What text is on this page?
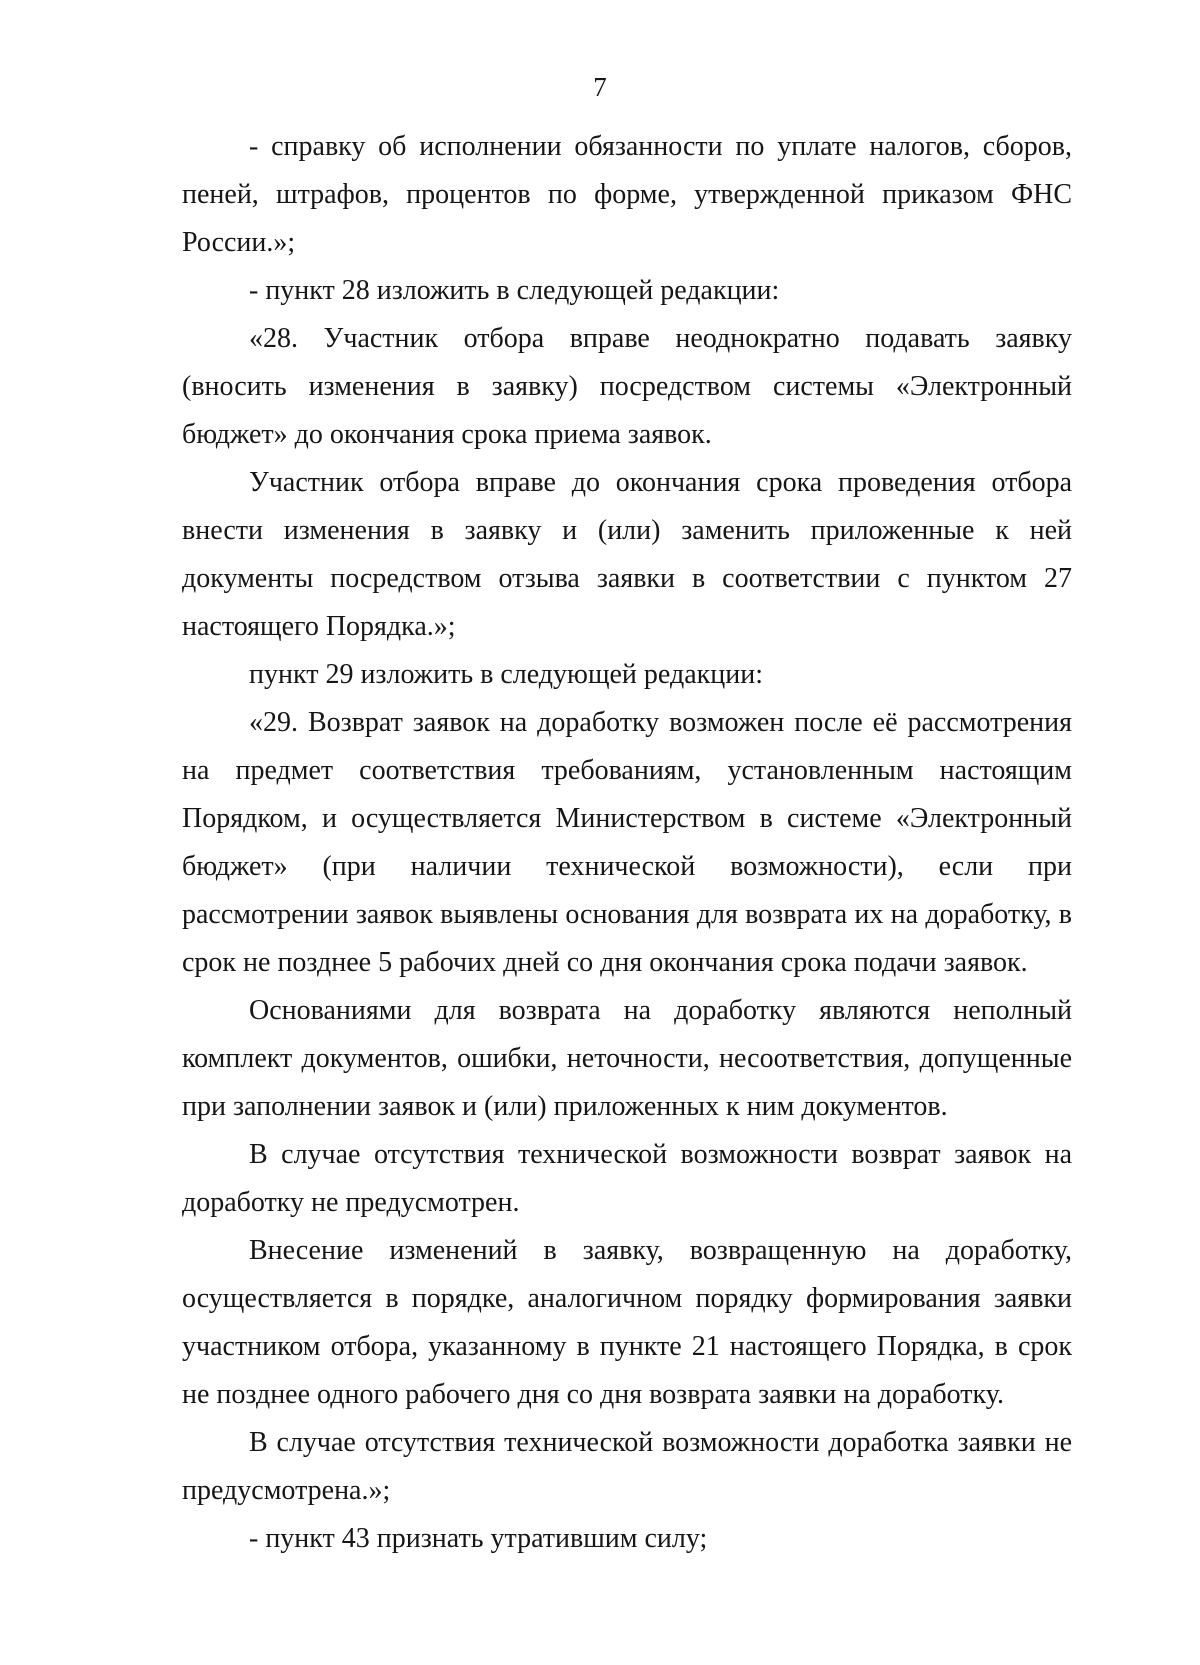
7

- справку об исполнении обязанности по уплате налогов, сборов, пеней, штрафов, процентов по форме, утвержденной приказом ФНС России.»;

- пункт 28 изложить в следующей редакции:

«28. Участник отбора вправе неоднократно подавать заявку (вносить изменения в заявку) посредством системы «Электронный бюджет» до окончания срока приема заявок.

Участник отбора вправе до окончания срока проведения отбора внести изменения в заявку и (или) заменить приложенные к ней документы посредством отзыва заявки в соответствии с пунктом 27 настоящего Порядка.»;

пункт 29 изложить в следующей редакции:

«29. Возврат заявок на доработку возможен после её рассмотрения на предмет соответствия требованиям, установленным настоящим Порядком, и осуществляется Министерством в системе «Электронный бюджет» (при наличии технической возможности), если при рассмотрении заявок выявлены основания для возврата их на доработку, в срок не позднее 5 рабочих дней со дня окончания срока подачи заявок.

Основаниями для возврата на доработку являются неполный комплект документов, ошибки, неточности, несоответствия, допущенные при заполнении заявок и (или) приложенных к ним документов.

В случае отсутствия технической возможности возврат заявок на доработку не предусмотрен.

Внесение изменений в заявку, возвращенную на доработку, осуществляется в порядке, аналогичном порядку формирования заявки участником отбора, указанному в пункте 21 настоящего Порядка, в срок не позднее одного рабочего дня со дня возврата заявки на доработку.

В случае отсутствия технической возможности доработка заявки не предусмотрена.»;

- пункт 43 признать утратившим силу;
